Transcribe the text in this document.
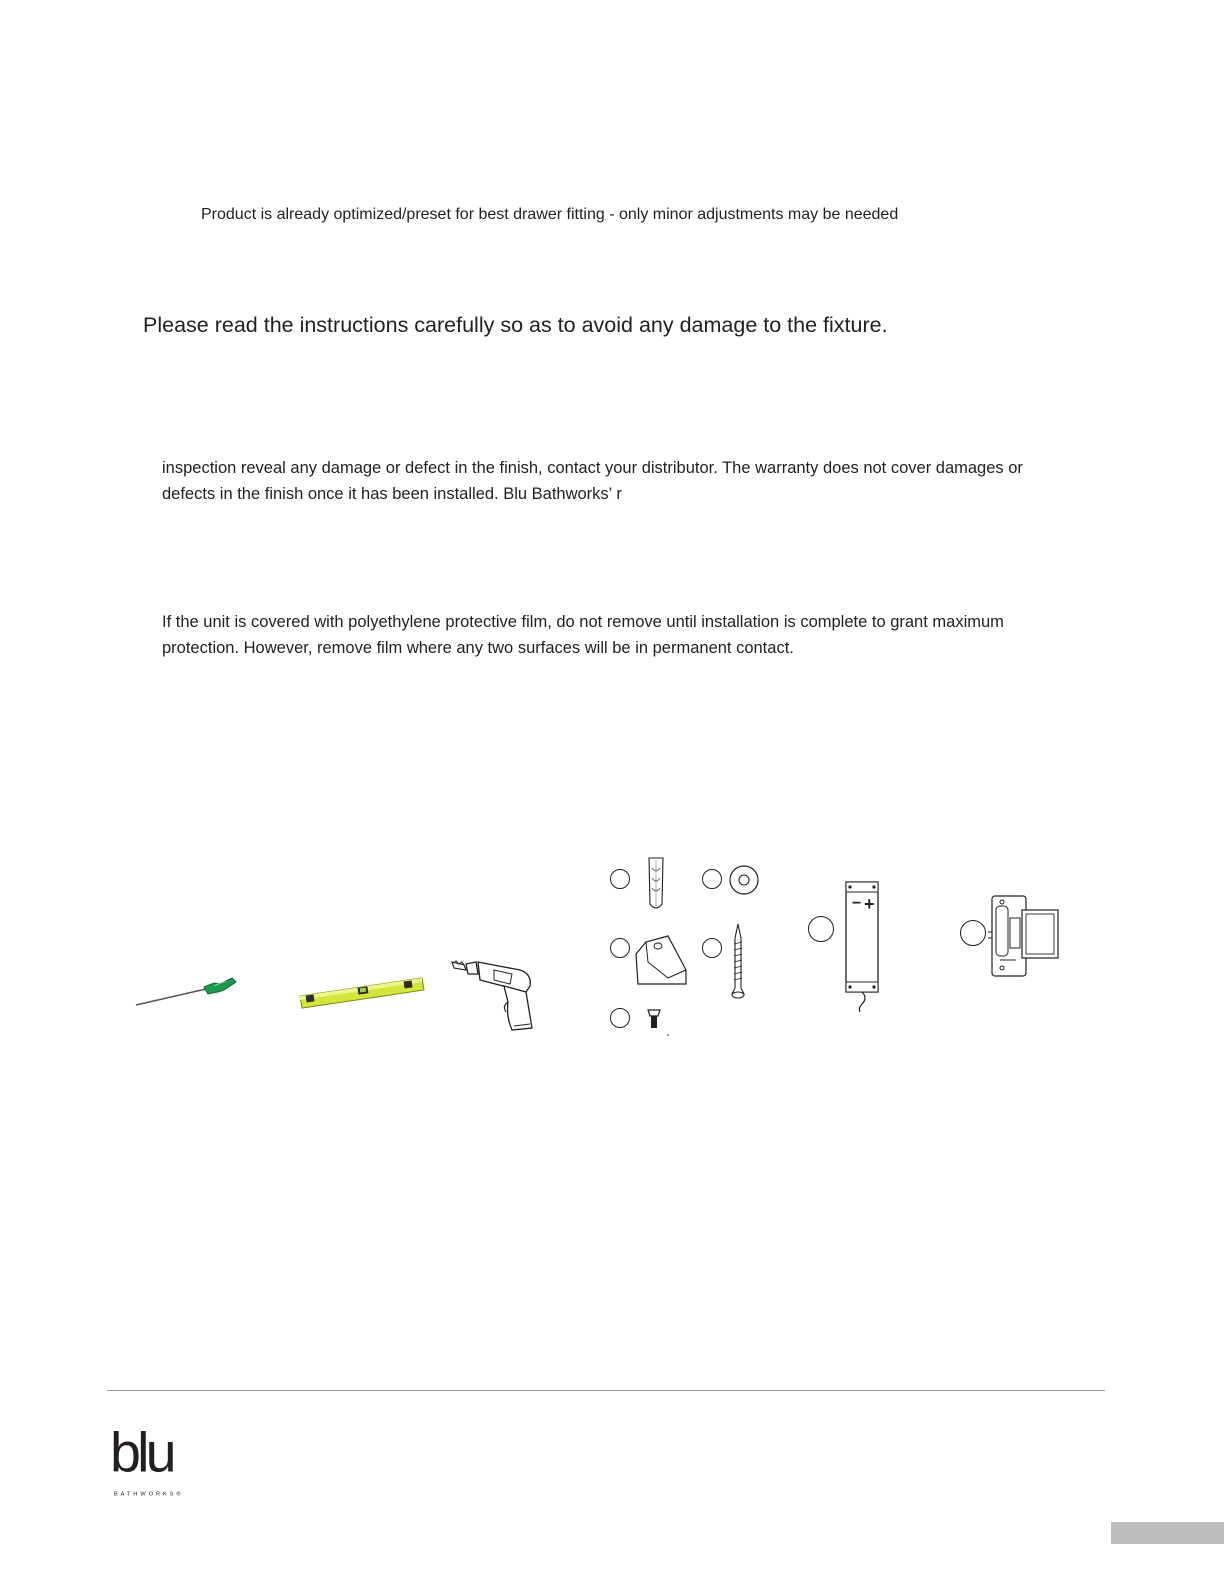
Product is already optimized/preset for best drawer fitting - only minor adjustments may be needed
Please read the instructions carefully so as to avoid any damage to the fixture.

inspection reveal any damage or defect in the finish, contact your distributor. The warranty does not cover damages or

defects in the finish once it has been installed. Blu Bathworks’ r

If the unit is covered with polyethylene protective film, do not remove until installation is complete to grant maximum

protection. However, remove film where any two surfaces will be in permanent contact.

− +
blu
BATHWORKS®
